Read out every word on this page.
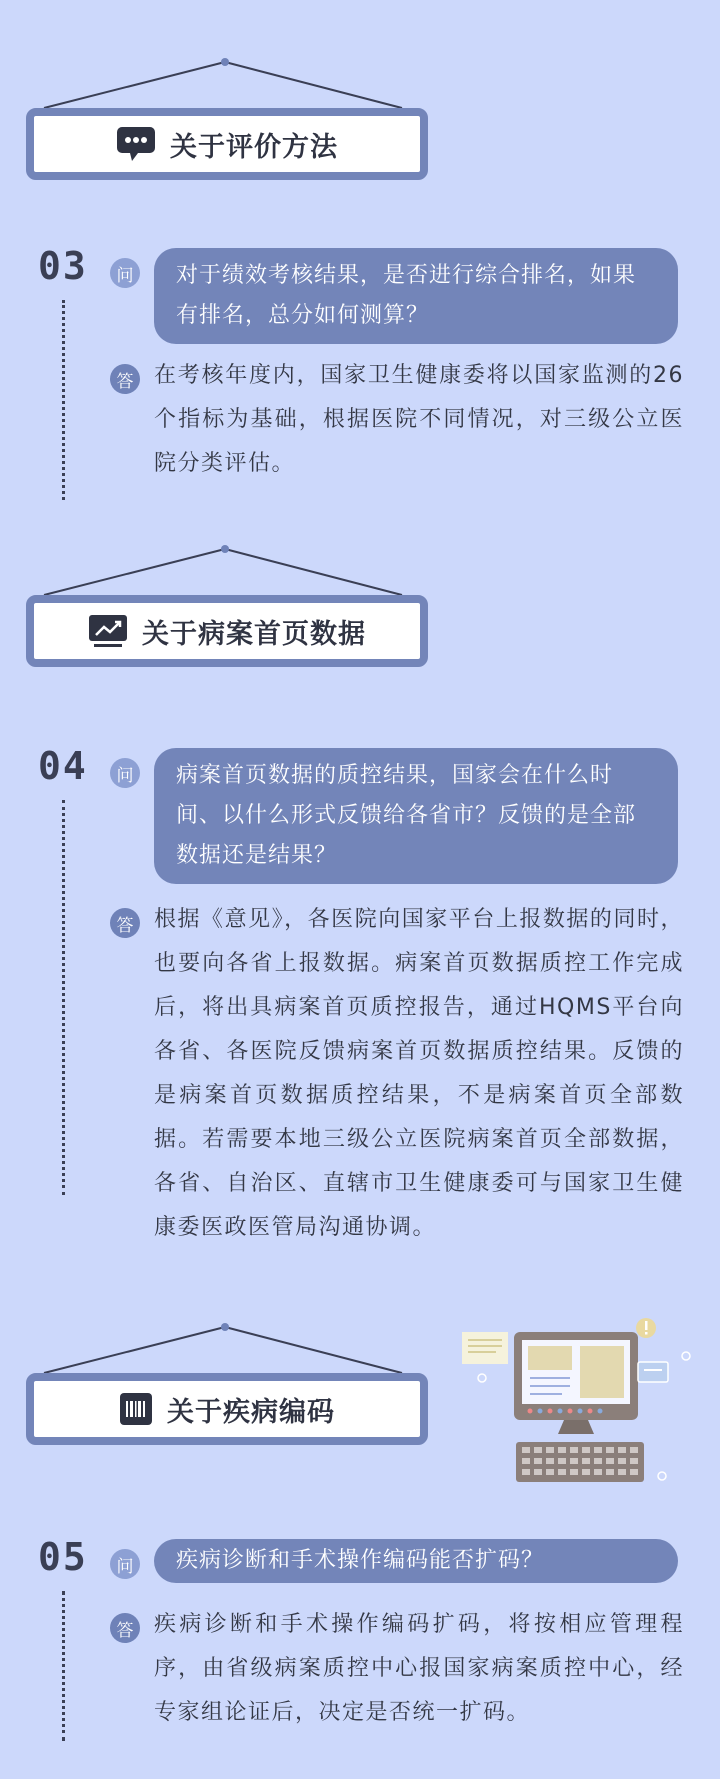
关于评价方法
03	问	对于绩效考核结果，是否进行综合排名，如果有排名，总分如何测算？
答 在考核年度内，国家卫生健康委将以国家监测的26个指标为基础，根据医院不同情况，对三级公立医院分类评估。
关于病案首页数据
04	问	病案首页数据的质控结果，国家会在什么时间、以什么形式反馈给各省市？反馈的是全部数据还是结果？
答 根据《意见》，各医院向国家平台上报数据的同时，也要向各省上报数据。病案首页数据质控工作完成后，将出具病案首页质控报告，通过HQMS平台向各省、各医院反馈病案首页数据质控结果。反馈的是病案首页数据质控结果，不是病案首页全部数据。若需要本地三级公立医院病案首页全部数据，各省、自治区、直辖市卫生健康委可与国家卫生健康委医政医管局沟通协调。
关于疾病编码
05	问	疾病诊断和手术操作编码能否扩码？
答 疾病诊断和手术操作编码扩码，将按相应管理程序，由省级病案质控中心报国家病案质控中心，经专家组论证后，决定是否统一扩码。
